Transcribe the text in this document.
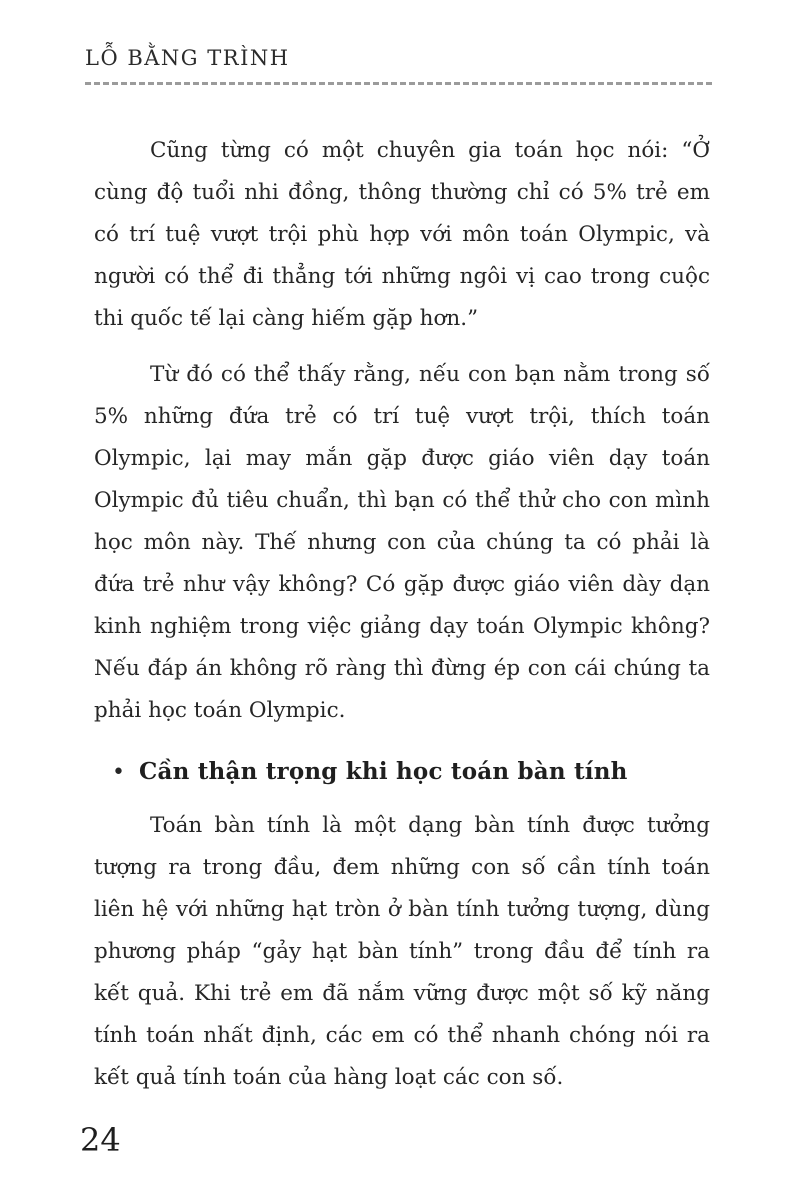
LỖ BẰNG TRÌNH

Cũng từng có một chuyên gia toán học nói: “Ở cùng độ tuổi nhi đồng, thông thường chỉ có 5% trẻ em có trí tuệ vượt trội phù hợp với môn toán Olympic, và người có thể đi thẳng tới những ngôi vị cao trong cuộc thi quốc tế lại càng hiếm gặp hơn.”

Từ đó có thể thấy rằng, nếu con bạn nằm trong số 5% những đứa trẻ có trí tuệ vượt trội, thích toán Olympic, lại may mắn gặp được giáo viên dạy toán Olympic đủ tiêu chuẩn, thì bạn có thể thử cho con mình học môn này. Thế nhưng con của chúng ta có phải là đứa trẻ như vậy không? Có gặp được giáo viên dày dạn kinh nghiệm trong việc giảng dạy toán Olympic không? Nếu đáp án không rõ ràng thì đừng ép con cái chúng ta phải học toán Olympic.

• Cần thận trọng khi học toán bàn tính

Toán bàn tính là một dạng bàn tính được tưởng tượng ra trong đầu, đem những con số cần tính toán liên hệ với những hạt tròn ở bàn tính tưởng tượng, dùng phương pháp “gảy hạt bàn tính” trong đầu để tính ra kết quả. Khi trẻ em đã nắm vững được một số kỹ năng tính toán nhất định, các em có thể nhanh chóng nói ra kết quả tính toán của hàng loạt các con số.

24
